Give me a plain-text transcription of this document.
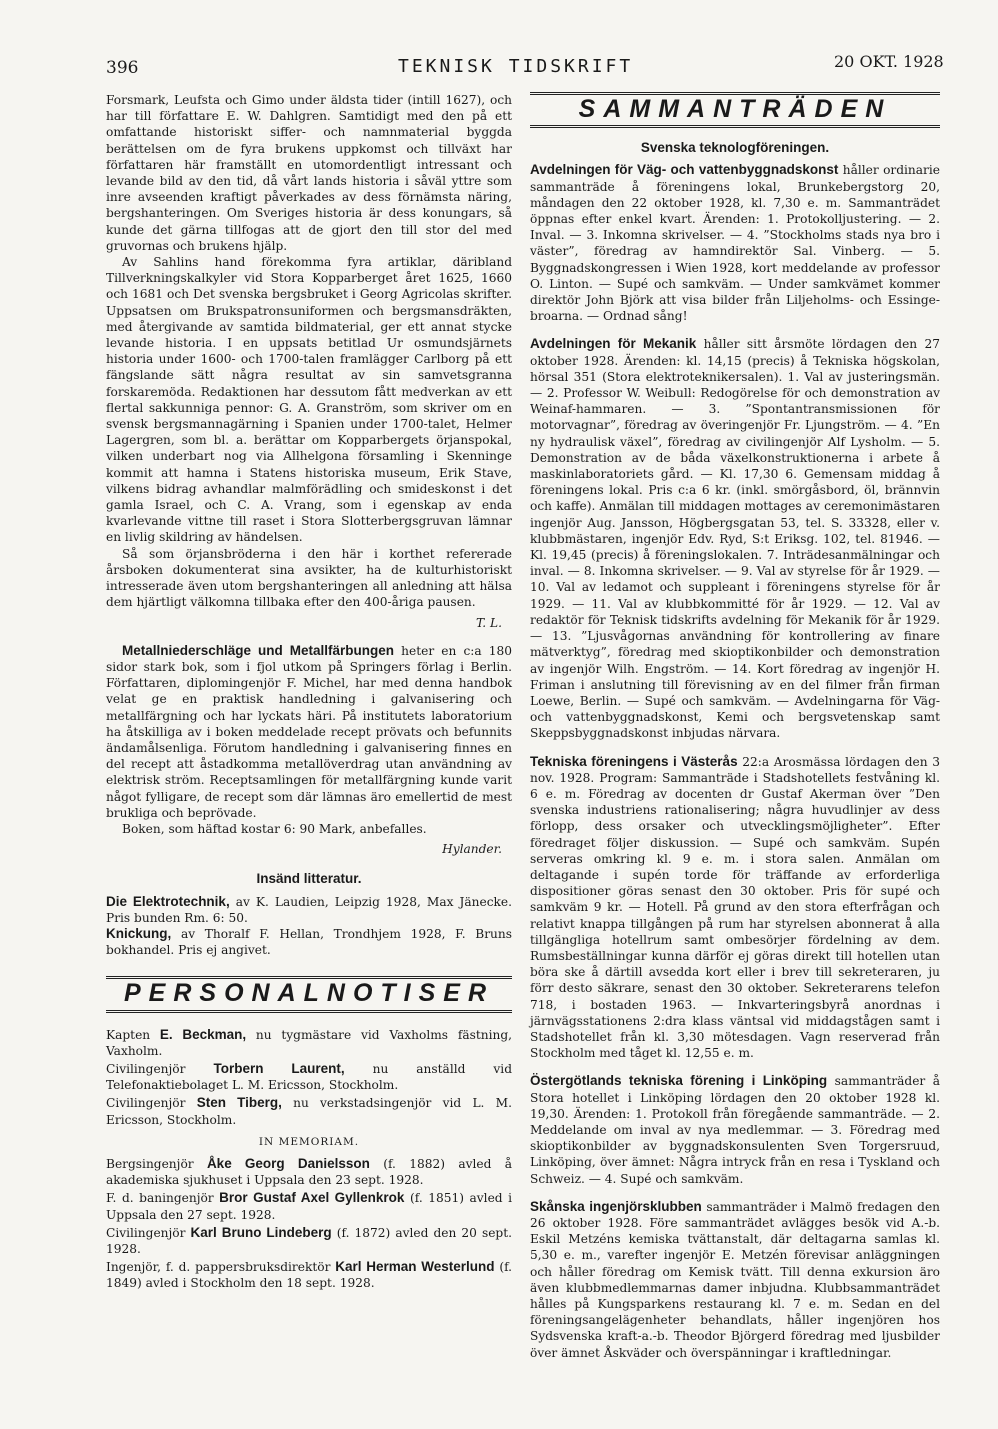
396	TEKNISK TIDSKRIFT	20 OKT. 1928

Forsmark, Leufsta och Gimo under äldsta tider (intill 1627), och har till författare E. W. Dahlgren. Samtidigt med den på ett omfattande historiskt siffer- och namnmaterial byggda berättelsen om de fyra brukens uppkomst och tillväxt har författaren här framställt en utomordentligt intressant och levande bild av den tid, då vårt lands historia i såväl yttre som inre avseenden kraftigt påverkades av dess förnämsta näring, bergshanteringen. Om Sveriges historia är dess konungars, så kunde det gärna tillfogas att de gjort den till stor del med gruvornas och brukens hjälp.

Av Sahlins hand förekomma fyra artiklar, däribland Tillverkningskalkyler vid Stora Kopparberget året 1625, 1660 och 1681 och Det svenska bergsbruket i Georg Agricolas skrifter. Uppsatsen om Brukspatronsuniformen och bergsmansdräkten, med återgivande av samtida bildmaterial, ger ett annat stycke levande historia. I en uppsats betitlad Ur osmundsjärnets historia under 1600- och 1700-talen framlägger Carlborg på ett fängslande sätt några resultat av sin samvetsgranna forskaremöda. Redaktionen har dessutom fått medverkan av ett flertal sakkunniga pennor: G. A. Granström, som skriver om en svensk bergsmannagärning i Spanien under 1700-talet, Helmer Lagergren, som bl. a. berättar om Kopparbergets örjanspokal, vilken underbart nog via Allhelgona församling i Skenninge kommit att hamna i Statens historiska museum, Erik Stave, vilkens bidrag avhandlar malmförädling och smideskonst i det gamla Israel, och C. A. Vrang, som i egenskap av enda kvarlevande vittne till raset i Stora Slotterbergsgruvan lämnar en livlig skildring av händelsen.

Så som örjansbröderna i den här i korthet refererade årsboken dokumenterat sina avsikter, ha de kulturhistoriskt intresserade även utom bergshanteringen all anledning att hälsa dem hjärtligt välkomna tillbaka efter den 400-åriga pausen.

T. L.

Metallniederschläge und Metallfärbungen heter en c:a 180 sidor stark bok, som i fjol utkom på Springers förlag i Berlin. Författaren, diplomingenjör F. Michel, har med denna handbok velat ge en praktisk handledning i galvanisering och metallfärgning och har lyckats häri. På institutets laboratorium ha åtskilliga av i boken meddelade recept prövats och befunnits ändamålsenliga. Förutom handledning i galvanisering finnes en del recept att åstadkomma metallöverdrag utan användning av elektrisk ström. Receptsamlingen för metallfärgning kunde varit något fylligare, de recept som där lämnas äro emellertid de mest brukliga och beprövade.

Boken, som häftad kostar 6: 90 Mark, anbefalles.

Hylander.
Insänd litteratur.

Die Elektrotechnik, av K. Laudien, Leipzig 1928, Max Jänecke. Pris bunden Rm. 6: 50.

Knickung, av Thoralf F. Hellan, Trondhjem 1928, F. Bruns bokhandel. Pris ej angivet.

PERSONALNOTISER

Kapten E. Beckman, nu tygmästare vid Vaxholms fästning, Vaxholm.

Civilingenjör Torbern Laurent, nu anställd vid Telefonaktiebolaget L. M. Ericsson, Stockholm.

Civilingenjör Sten Tiberg, nu verkstadsingenjör vid L. M. Ericsson, Stockholm.

IN MEMORIAM.

Bergsingenjör Åke Georg Danielsson (f. 1882) avled å akademiska sjukhuset i Uppsala den 23 sept. 1928.

F. d. baningenjör Bror Gustaf Axel Gyllenkrok (f. 1851) avled i Uppsala den 27 sept. 1928.

Civilingenjör Karl Bruno Lindeberg (f. 1872) avled den 20 sept. 1928.

Ingenjör, f. d. pappersbruksdirektör Karl Herman Westerlund (f. 1849) avled i Stockholm den 18 sept. 1928.

SAMMANTRÄDEN
Svenska teknologföreningen.

Avdelningen för Väg- och vattenbyggnadskonst håller ordinarie sammanträde å föreningens lokal, Brunkebergstorg 20, måndagen den 22 oktober 1928, kl. 7,30 e. m. Sammanträdet öppnas efter enkel kvart. Ärenden: 1. Protokolljustering. — 2. Inval. — 3. Inkomna skrivelser. — 4. ”Stockholms stads nya bro i väster”, föredrag av hamndirektör Sal. Vinberg. — 5. Byggnadskongressen i Wien 1928, kort meddelande av professor O. Linton. — Supé och samkväm. — Under samkvämet kommer direktör John Björk att visa bilder från Liljeholms- och Essinge-broarna. — Ordnad sång!

Avdelningen för Mekanik håller sitt årsmöte lördagen den 27 oktober 1928. Ärenden: kl. 14,15 (precis) å Tekniska högskolan, hörsal 351 (Stora elektroteknikersalen). 1. Val av justeringsmän. — 2. Professor W. Weibull: Redogörelse för och demonstration av Weinaf-hammaren. — 3. ”Spontantransmissionen för motorvagnar”, föredrag av överingenjör Fr. Ljungström. — 4. ”En ny hydraulisk växel”, föredrag av civilingenjör Alf Lysholm. — 5. Demonstration av de båda växelkonstruktionerna i arbete å maskinlaboratoriets gård. — Kl. 17,30 6. Gemensam middag å föreningens lokal. Pris c:a 6 kr. (inkl. smörgåsbord, öl, brännvin och kaffe). Anmälan till middagen mottages av ceremonimästaren ingenjör Aug. Jansson, Högbergsgatan 53, tel. S. 33328, eller v. klubbmästaren, ingenjör Edv. Ryd, S:t Eriksg. 102, tel. 81946. — Kl. 19,45 (precis) å föreningslokalen. 7. Inträdesanmälningar och inval. — 8. Inkomna skrivelser. — 9. Val av styrelse för år 1929. — 10. Val av ledamot och suppleant i föreningens styrelse för år 1929. — 11. Val av klubbkommitté för år 1929. — 12. Val av redaktör för Teknisk tidskrifts avdelning för Mekanik för år 1929. — 13. ”Ljusvågornas användning för kontrollering av finare mätverktyg”, föredrag med skioptikonbilder och demonstration av ingenjör Wilh. Engström. — 14. Kort föredrag av ingenjör H. Friman i anslutning till förevisning av en del filmer från firman Loewe, Berlin. — Supé och samkväm. — Avdelningarna för Väg- och vattenbyggnadskonst, Kemi och bergsvetenskap samt Skeppsbyggnadskonst inbjudas närvara.

Tekniska föreningens i Västerås 22:a Arosmässa lördagen den 3 nov. 1928. Program: Sammanträde i Stadshotellets festvåning kl. 6 e. m. Föredrag av docenten dr Gustaf Akerman över ”Den svenska industriens rationalisering; några huvudlinjer av dess förlopp, dess orsaker och utvecklingsmöjligheter”. Efter föredraget följer diskussion. — Supé och samkväm. Supén serveras omkring kl. 9 e. m. i stora salen. Anmälan om deltagande i supén torde för träffande av erforderliga dispositioner göras senast den 30 oktober. Pris för supé och samkväm 9 kr. — Hotell. På grund av den stora efterfrågan och relativt knappa tillgången på rum har styrelsen abonnerat å alla tillgängliga hotellrum samt ombesörjer fördelning av dem. Rumsbeställningar kunna därför ej göras direkt till hotellen utan böra ske å därtill avsedda kort eller i brev till sekreteraren, ju förr desto säkrare, senast den 30 oktober. Sekreterarens telefon 718, i bostaden 1963. — Inkvarteringsbyrå anordnas i järnvägsstationens 2:dra klass väntsal vid middagstågen samt i Stadshotellet från kl. 3,30 mötesdagen. Vagn reserverad från Stockholm med tåget kl. 12,55 e. m.

Östergötlands tekniska förening i Linköping sammanträder å Stora hotellet i Linköping lördagen den 20 oktober 1928 kl. 19,30. Ärenden: 1. Protokoll från föregående sammanträde. — 2. Meddelande om inval av nya medlemmar. — 3. Föredrag med skioptikonbilder av byggnadskonsulenten Sven Torgersruud, Linköping, över ämnet: Några intryck från en resa i Tyskland och Schweiz. — 4. Supé och samkväm.

Skånska ingenjörsklubben sammanträder i Malmö fredagen den 26 oktober 1928. Före sammanträdet avlägges besök vid A.-b. Eskil Metzéns kemiska tvättanstalt, där deltagarna samlas kl. 5,30 e. m., varefter ingenjör E. Metzén förevisar anläggningen och håller föredrag om Kemisk tvätt. Till denna exkursion äro även klubbmedlemmarnas damer inbjudna. Klubbsammanträdet hålles på Kungsparkens restaurang kl. 7 e. m. Sedan en del föreningsangelägenheter behandlats, håller ingenjören hos Sydsvenska kraft-a.-b. Theodor Björgerd föredrag med ljusbilder över ämnet Åskväder och överspänningar i kraftledningar.
